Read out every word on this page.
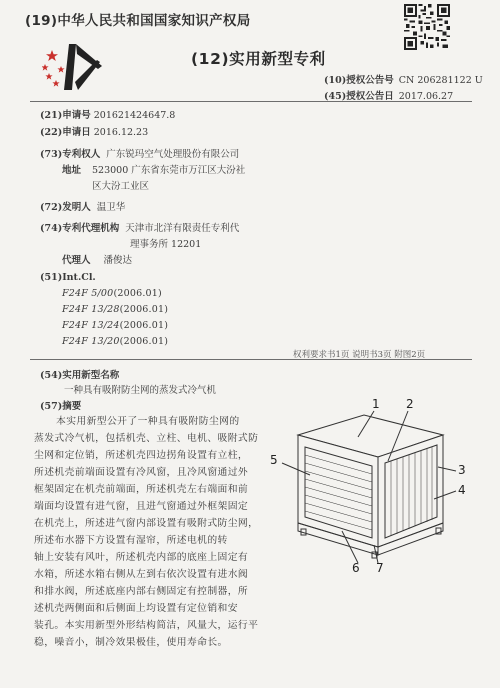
(19)中华人民共和国国家知识产权局
(12)实用新型专利
(10)授权公告号 CN 206281122 U
(45)授权公告日 2017.06.27
(21)申请号 201621424647.8
(22)申请日 2016.12.23
(73)专利权人 广东锐玛空气处理股份有限公司
地址 523000 广东省东莞市万江区大汾社
区大汾工业区
(72)发明人 温卫华
(74)专利代理机构 天津市北洋有限责任专利代
理事务所 12201
代理人 潘俊达
(51)Int.Cl.
F24F 5/00(2006.01)
F24F 13/28(2006.01)
F24F 13/24(2006.01)
F24F 13/20(2006.01)
权利要求书1页 说明书3页 附图2页
(54)实用新型名称
一种具有吸附防尘网的蒸发式冷气机
(57)摘要
本实用新型公开了一种具有吸附防尘网的
蒸发式冷气机，包括机壳、立柱、电机、吸附式防
尘网和定位销，所述机壳四边拐角设置有立柱，
所述机壳前端面设置有冷风窗，且冷风窗通过外
框架固定在机壳前端面，所述机壳左右端面和前
端面均设置有进气窗，且进气窗通过外框架固定
在机壳上，所述进气窗内部设置有吸附式防尘网，
所述布水器下方设置有湿帘，所述电机的转
轴上安装有风叶，所述机壳内部的底座上固定有
水箱，所述水箱右侧从左到右依次设置有进水阀
和排水阀，所述底座内部右侧固定有控制器，所
述机壳两侧面和后侧面上均设置有定位销和安
装孔。本实用新型外形结构简洁，风量大，运行平
稳，噪音小，制冷效果极佳，使用寿命长。
1 2
3
4
5
6 7
